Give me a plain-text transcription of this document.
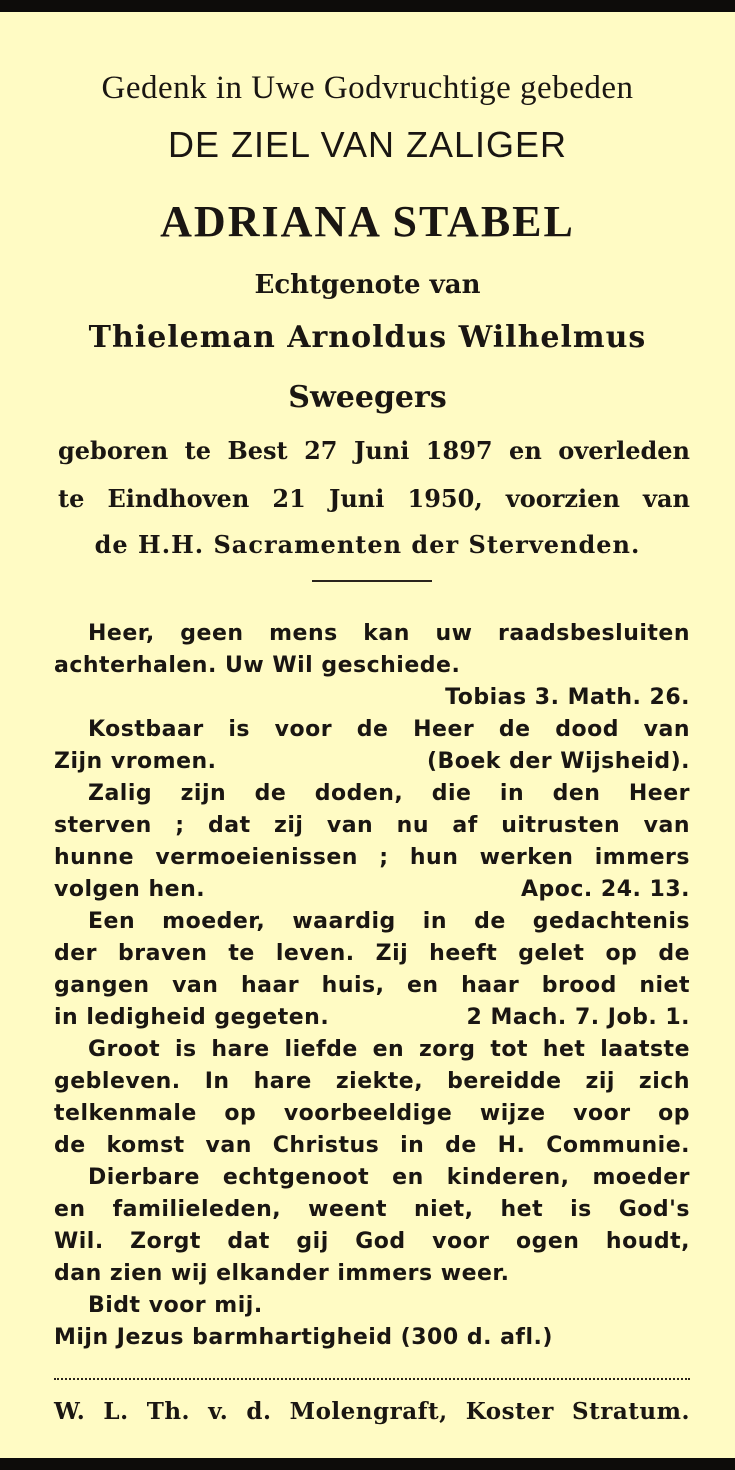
Gedenk in Uwe Godvruchtige gebeden
DE ZIEL VAN ZALIGER
ADRIANA STABEL
Echtgenote van
Thieleman Arnoldus Wilhelmus
Sweegers
geboren te Best 27 Juni 1897 en overleden
te Eindhoven 21 Juni 1950, voorzien van
de H.H. Sacramenten der Stervenden.
Heer, geen mens kan uw raadsbesluiten
achterhalen. Uw Wil geschiede.
Tobias 3. Math. 26.
Kostbaar is voor de Heer de dood van
Zijn vromen.	(Boek der Wijsheid).
Zalig zijn de doden, die in den Heer
sterven ; dat zij van nu af uitrusten van
hunne vermoeienissen ; hun werken immers
volgen hen.	Apoc. 24. 13.
Een moeder, waardig in de gedachtenis
der braven te leven. Zij heeft gelet op de
gangen van haar huis, en haar brood niet
in ledigheid gegeten.	2 Mach. 7. Job. 1.
Groot is hare liefde en zorg tot het laatste
gebleven. In hare ziekte, bereidde zij zich
telkenmale op voorbeeldige wijze voor op
de komst van Christus in de H. Communie.
Dierbare echtgenoot en kinderen, moeder
en familieleden, weent niet, het is God's
Wil. Zorgt dat gij God voor ogen houdt,
dan zien wij elkander immers weer.
Bidt voor mij.
Mijn Jezus barmhartigheid (300 d. afl.)
W. L. Th. v. d. Molengraft, Koster Stratum.
